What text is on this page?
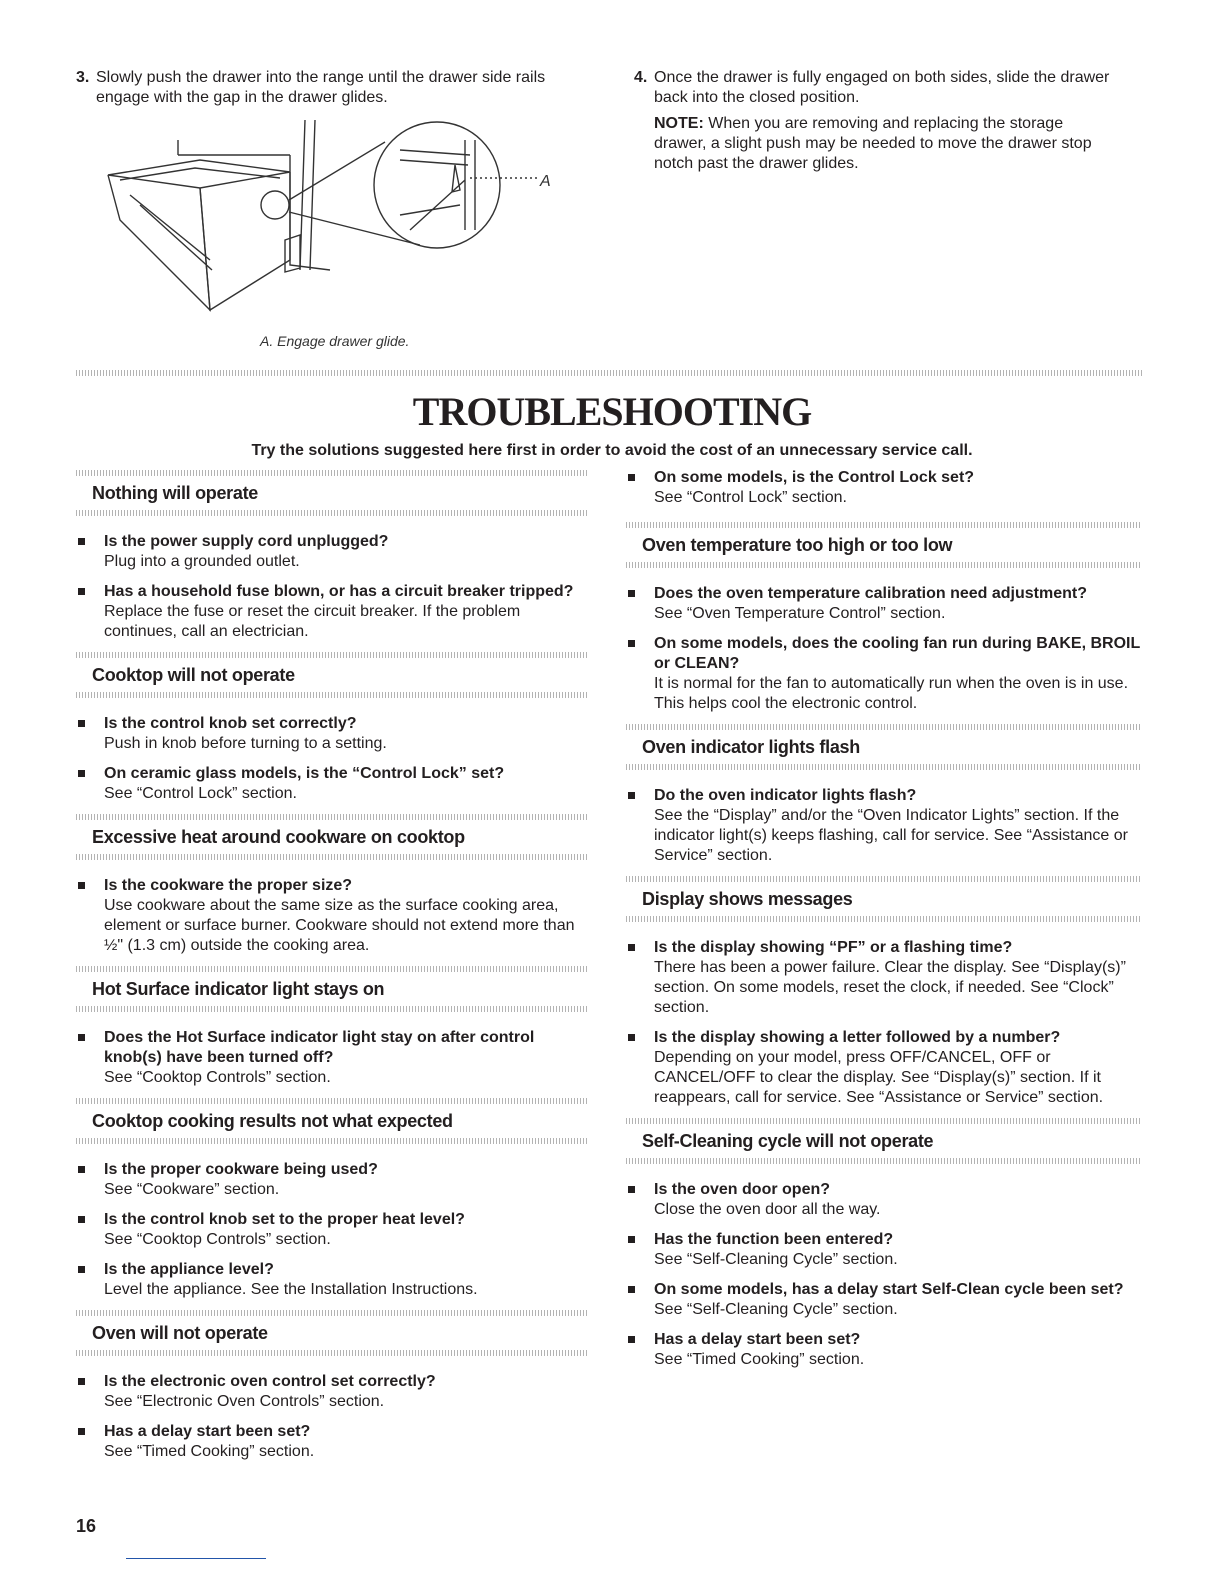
3. Slowly push the drawer into the range until the drawer side rails engage with the gap in the drawer glides.
4. Once the drawer is fully engaged on both sides, slide the drawer back into the closed position.
NOTE: When you are removing and replacing the storage drawer, a slight push may be needed to move the drawer stop notch past the drawer glides.
A
A. Engage drawer glide.
TROUBLESHOOTING
Try the solutions suggested here first in order to avoid the cost of an unnecessary service call.
Nothing will operate
Is the power supply cord unplugged?
Plug into a grounded outlet.
Has a household fuse blown, or has a circuit breaker tripped?
Replace the fuse or reset the circuit breaker. If the problem continues, call an electrician.
Cooktop will not operate
Is the control knob set correctly?
Push in knob before turning to a setting.
On ceramic glass models, is the “Control Lock” set?
See “Control Lock” section.
Excessive heat around cookware on cooktop
Is the cookware the proper size?
Use cookware about the same size as the surface cooking area, element or surface burner. Cookware should not extend more than ½" (1.3 cm) outside the cooking area.
Hot Surface indicator light stays on
Does the Hot Surface indicator light stay on after control knob(s) have been turned off?
See “Cooktop Controls” section.
Cooktop cooking results not what expected
Is the proper cookware being used?
See “Cookware” section.
Is the control knob set to the proper heat level?
See “Cooktop Controls” section.
Is the appliance level?
Level the appliance. See the Installation Instructions.
Oven will not operate
Is the electronic oven control set correctly?
See “Electronic Oven Controls” section.
Has a delay start been set?
See “Timed Cooking” section.
On some models, is the Control Lock set?
See “Control Lock” section.
Oven temperature too high or too low
Does the oven temperature calibration need adjustment?
See “Oven Temperature Control” section.
On some models, does the cooling fan run during BAKE, BROIL or CLEAN?
It is normal for the fan to automatically run when the oven is in use. This helps cool the electronic control.
Oven indicator lights flash
Do the oven indicator lights flash?
See the “Display” and/or the “Oven Indicator Lights” section. If the indicator light(s) keeps flashing, call for service. See “Assistance or Service” section.
Display shows messages
Is the display showing “PF” or a flashing time?
There has been a power failure. Clear the display. See “Display(s)” section. On some models, reset the clock, if needed. See “Clock” section.
Is the display showing a letter followed by a number?
Depending on your model, press OFF/CANCEL, OFF or CANCEL/OFF to clear the display. See “Display(s)” section. If it reappears, call for service. See “Assistance or Service” section.
Self-Cleaning cycle will not operate
Is the oven door open?
Close the oven door all the way.
Has the function been entered?
See “Self-Cleaning Cycle” section.
On some models, has a delay start Self-Clean cycle been set?
See “Self-Cleaning Cycle” section.
Has a delay start been set?
See “Timed Cooking” section.
16
